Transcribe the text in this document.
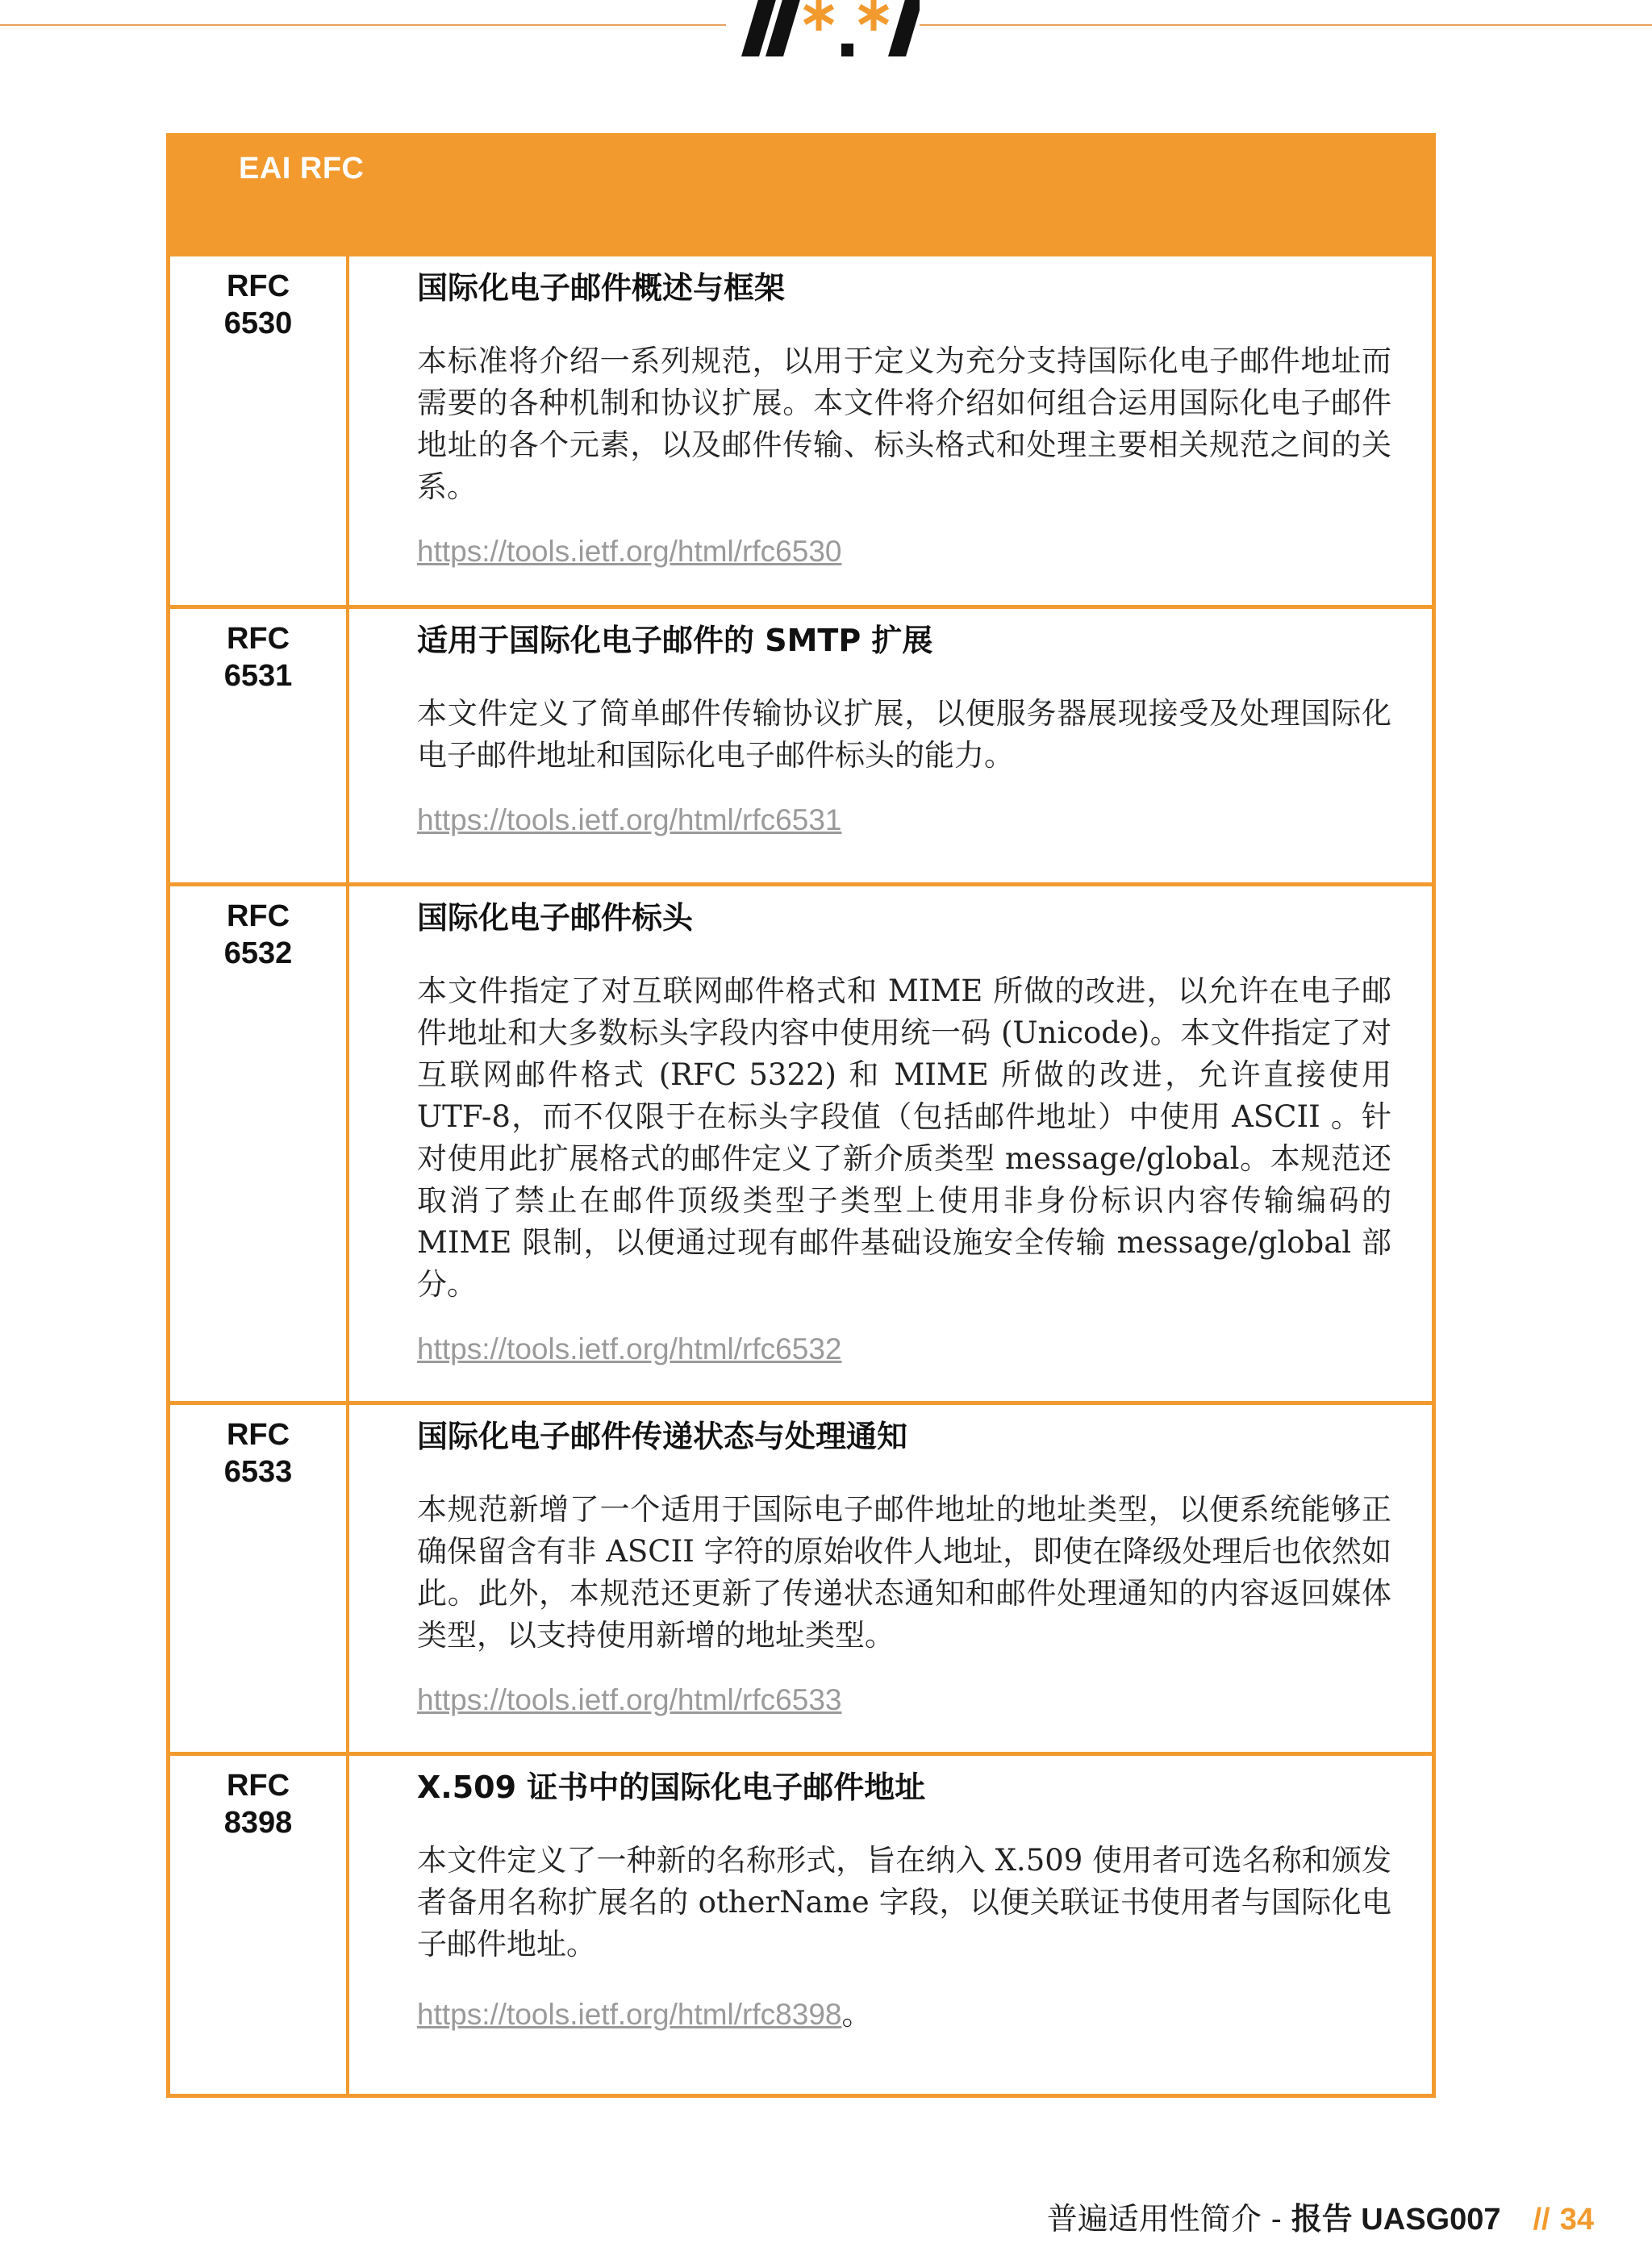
EAI RFC
RFC
6530

国际化电子邮件概述与框架

本标准将介绍一系列规范，以用于定义为充分支持国际化电子邮件地址而需要的各种机制和协议扩展。本文件将介绍如何组合运用国际化电子邮件地址的各个元素，以及邮件传输、标头格式和处理主要相关规范之间的关系。

https://tools.ietf.org/html/rfc6530
RFC
6531

适用于国际化电子邮件的 SMTP 扩展

本文件定义了简单邮件传输协议扩展，以便服务器展现接受及处理国际化电子邮件地址和国际化电子邮件标头的能力。

https://tools.ietf.org/html/rfc6531
RFC
6532

国际化电子邮件标头

本文件指定了对互联网邮件格式和 MIME 所做的改进，以允许在电子邮件地址和大多数标头字段内容中使用统一码 (Unicode)。本文件指定了对互联网邮件格式 (RFC 5322) 和 MIME 所做的改进，允许直接使用 UTF-8，而不仅限于在标头字段值（包括邮件地址）中使用 ASCII 。针对使用此扩展格式的邮件定义了新介质类型 message/global。本规范还取消了禁止在邮件顶级类型子类型上使用非身份标识内容传输编码的 MIME 限制，以便通过现有邮件基础设施安全传输 message/global 部分。

https://tools.ietf.org/html/rfc6532
RFC
6533

国际化电子邮件传递状态与处理通知

本规范新增了一个适用于国际电子邮件地址的地址类型，以便系统能够正确保留含有非 ASCII 字符的原始收件人地址，即使在降级处理后也依然如此。此外，本规范还更新了传递状态通知和邮件处理通知的内容返回媒体类型，以支持使用新增的地址类型。

https://tools.ietf.org/html/rfc6533
RFC
8398

X.509 证书中的国际化电子邮件地址

本文件定义了一种新的名称形式，旨在纳入 X.509 使用者可选名称和颁发者备用名称扩展名的 otherName 字段，以便关联证书使用者与国际化电子邮件地址。

https://tools.ietf.org/html/rfc8398。
普遍适用性简介 - 报告 UASG007 // 34
